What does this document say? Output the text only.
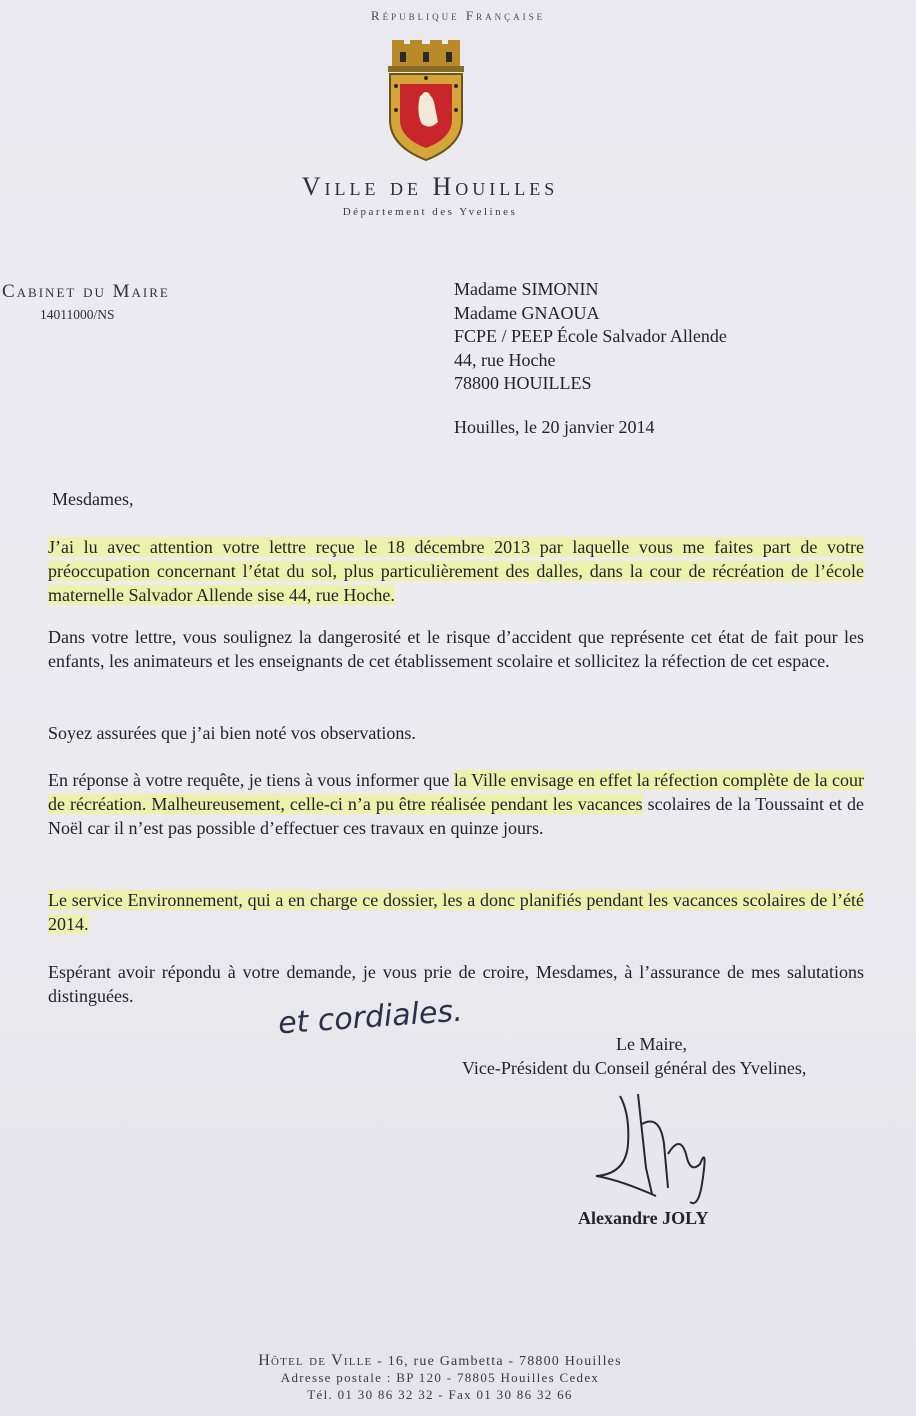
République Française
Ville de Houilles
Département des Yvelines
Cabinet du Maire
14011000/NS
Madame SIMONIN
Madame GNAOUA
FCPE / PEEP École Salvador Allende
44, rue Hoche
78800 HOUILLES
Houilles, le 20 janvier 2014
Mesdames,
J’ai lu avec attention votre lettre reçue le 18 décembre 2013 par laquelle vous me faites part de votre préoccupation concernant l’état du sol, plus particulièrement des dalles, dans la cour de récréation de l’école maternelle Salvador Allende sise 44, rue Hoche.
Dans votre lettre, vous soulignez la dangerosité et le risque d’accident que représente cet état de fait pour les enfants, les animateurs et les enseignants de cet établissement scolaire et sollicitez la réfection de cet espace.
Soyez assurées que j’ai bien noté vos observations.
En réponse à votre requête, je tiens à vous informer que la Ville envisage en effet la réfection complète de la cour de récréation. Malheureusement, celle-ci n’a pu être réalisée pendant les vacances scolaires de la Toussaint et de Noël car il n’est pas possible d’effectuer ces travaux en quinze jours.
Le service Environnement, qui a en charge ce dossier, les a donc planifiés pendant les vacances scolaires de l’été 2014.
Espérant avoir répondu à votre demande, je vous prie de croire, Mesdames, à l’assurance de mes salutations distinguées.	et cordiales.
Le Maire,
Vice-Président du Conseil général des Yvelines,
Alexandre JOLY
Hôtel de Ville - 16, rue Gambetta - 78800 Houilles
Adresse postale : BP 120 - 78805 Houilles Cedex
Tél. 01 30 86 32 32 - Fax 01 30 86 32 66
